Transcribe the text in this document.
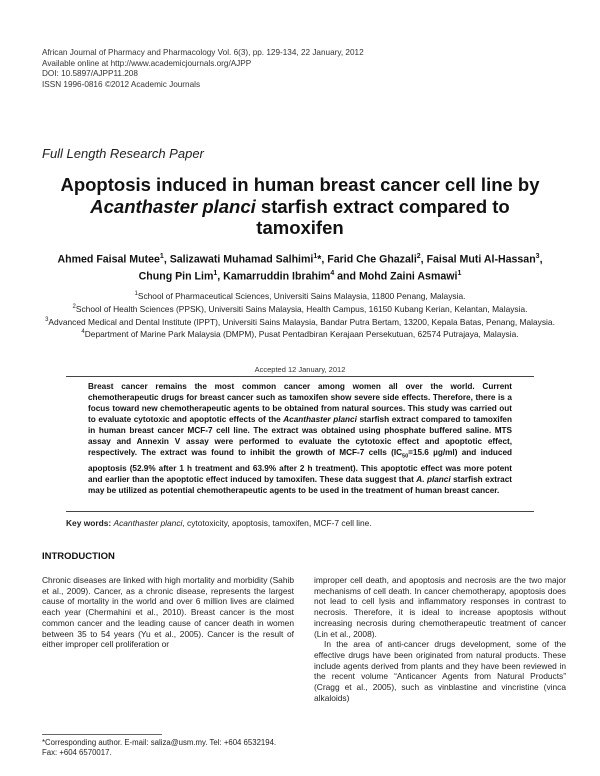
African Journal of Pharmacy and Pharmacology Vol. 6(3), pp. 129-134, 22 January, 2012
Available online at http://www.academicjournals.org/AJPP
DOI: 10.5897/AJPP11.208
ISSN 1996-0816 ©2012 Academic Journals
Full Length Research Paper
Apoptosis induced in human breast cancer cell line by
Acanthaster planci starfish extract compared to tamoxifen
Ahmed Faisal Mutee$^1$, Salizawati Muhamad Salhimi$^1$*, Farid Che Ghazali$^2$, Faisal Muti Al-Hassan$^3$, Chung Pin Lim$^1$, Kamarruddin Ibrahim$^4$ and Mohd Zaini Asmawi$^1$
$^1$School of Pharmaceutical Sciences, Universiti Sains Malaysia, 11800 Penang, Malaysia.
$^2$School of Health Sciences (PPSK), Universiti Sains Malaysia, Health Campus, 16150 Kubang Kerian, Kelantan, Malaysia.
$^3$Advanced Medical and Dental Institute (IPPT), Universiti Sains Malaysia, Bandar Putra Bertam, 13200, Kepala Batas, Penang, Malaysia.
$^4$Department of Marine Park Malaysia (DMPM), Pusat Pentadbiran Kerajaan Persekutuan, 62574 Putrajaya, Malaysia.
Accepted 12 January, 2012
Breast cancer remains the most common cancer among women all over the world. Current chemotherapeutic drugs for breast cancer such as tamoxifen show severe side effects. Therefore, there is a focus toward new chemotherapeutic agents to be obtained from natural sources. This study was carried out to evaluate cytotoxic and apoptotic effects of the Acanthaster planci starfish extract compared to tamoxifen in human breast cancer MCF-7 cell line. The extract was obtained using phosphate buffered saline. MTS assay and Annexin V assay were performed to evaluate the cytotoxic effect and apoptotic effect, respectively. The extract was found to inhibit the growth of MCF-7 cells ($IC_{50}=15.6$ µg/ml) and induced apoptosis (52.9% after 1 h treatment and 63.9% after 2 h treatment). This apoptotic effect was more potent and earlier than the apoptotic effect induced by tamoxifen. These data suggest that A. planci starfish extract may be utilized as potential chemotherapeutic agents to be used in the treatment of human breast cancer.
Key words: Acanthaster planci, cytotoxicity, apoptosis, tamoxifen, MCF-7 cell line.
INTRODUCTION
Chronic diseases are linked with high mortality and morbidity (Sahib et al., 2009). Cancer, as a chronic disease, represents the largest cause of mortality in the world and over 6 million lives are claimed each year (Chermahini et al., 2010). Breast cancer is the most common cancer and the leading cause of cancer death in women between 35 to 54 years (Yu et al., 2005). Cancer is the result of either improper cell proliferation or
improper cell death, and apoptosis and necrosis are the two major mechanisms of cell death. In cancer chemotherapy, apoptosis does not lead to cell lysis and inflammatory responses in contrast to necrosis. Therefore, it is ideal to increase apoptosis without increasing necrosis during chemotherapeutic treatment of cancer (Lin et al., 2008).
In the area of anti-cancer drugs development, some of the effective drugs have been originated from natural products. These include agents derived from plants and they have been reviewed in the recent volume “Anticancer Agents from Natural Products” (Cragg et al., 2005), such as vinblastine and vincristine (vinca alkaloids)
*Corresponding author. E-mail: saliza@usm.my. Tel: +604 6532194. Fax: +604 6570017.
